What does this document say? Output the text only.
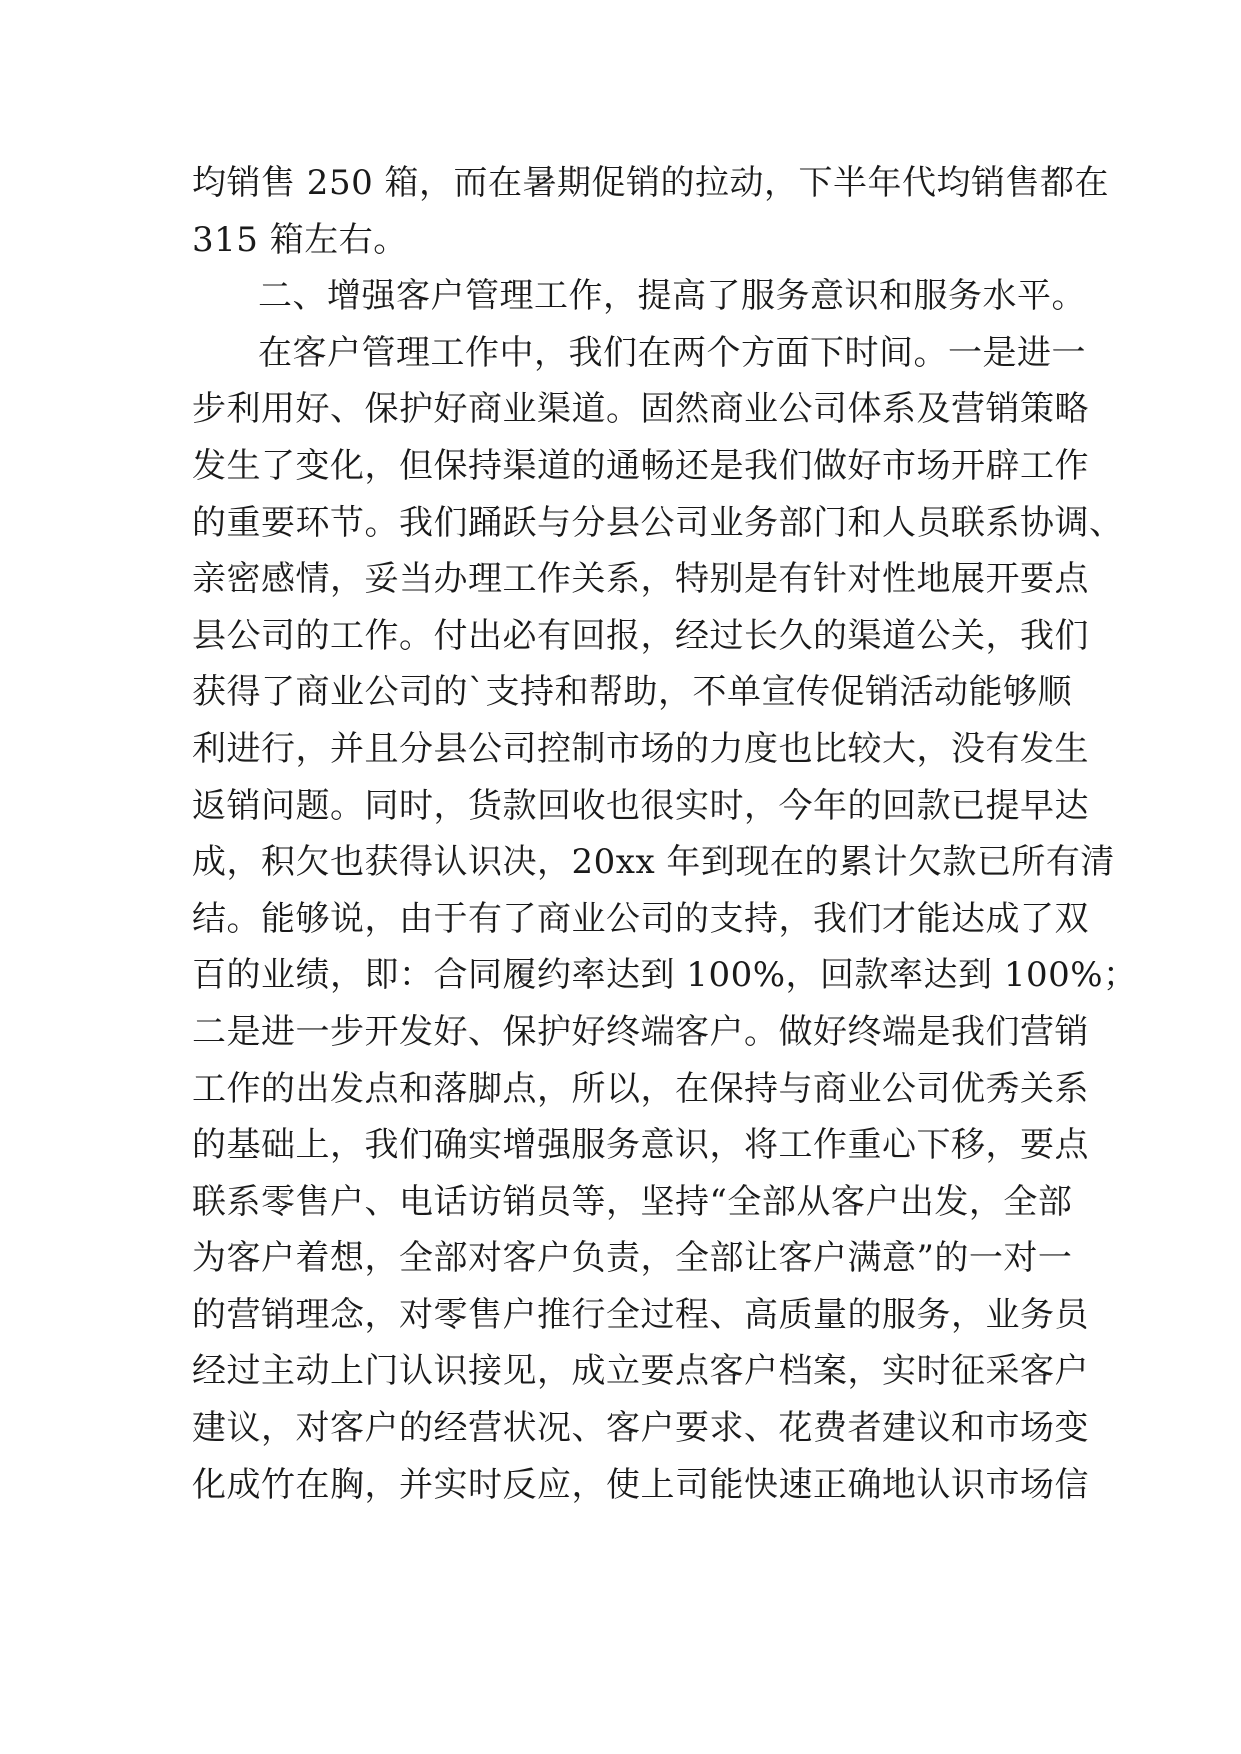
均销售 250 箱，而在暑期促销的拉动，下半年代均销售都在
315 箱左右。
二、增强客户管理工作，提高了服务意识和服务水平。
在客户管理工作中，我们在两个方面下时间。一是进一
步利用好、保护好商业渠道。固然商业公司体系及营销策略
发生了变化，但保持渠道的通畅还是我们做好市场开辟工作
的重要环节。我们踊跃与分县公司业务部门和人员联系协调、
亲密感情，妥当办理工作关系，特别是有针对性地展开要点
县公司的工作。付出必有回报，经过长久的渠道公关，我们
获得了商业公司的`支持和帮助，不单宣传促销活动能够顺
利进行，并且分县公司控制市场的力度也比较大，没有发生
返销问题。同时，货款回收也很实时，今年的回款已提早达
成，积欠也获得认识决，20xx 年到现在的累计欠款已所有清
结。能够说，由于有了商业公司的支持，我们才能达成了双
百的业绩，即：合同履约率达到 100%，回款率达到 100%；
二是进一步开发好、保护好终端客户。做好终端是我们营销
工作的出发点和落脚点，所以，在保持与商业公司优秀关系
的基础上，我们确实增强服务意识，将工作重心下移，要点
联系零售户、电话访销员等，坚持“全部从客户出发，全部
为客户着想，全部对客户负责，全部让客户满意”的一对一
的营销理念，对零售户推行全过程、高质量的服务，业务员
经过主动上门认识接见，成立要点客户档案，实时征采客户
建议，对客户的经营状况、客户要求、花费者建议和市场变
化成竹在胸，并实时反应，使上司能快速正确地认识市场信
